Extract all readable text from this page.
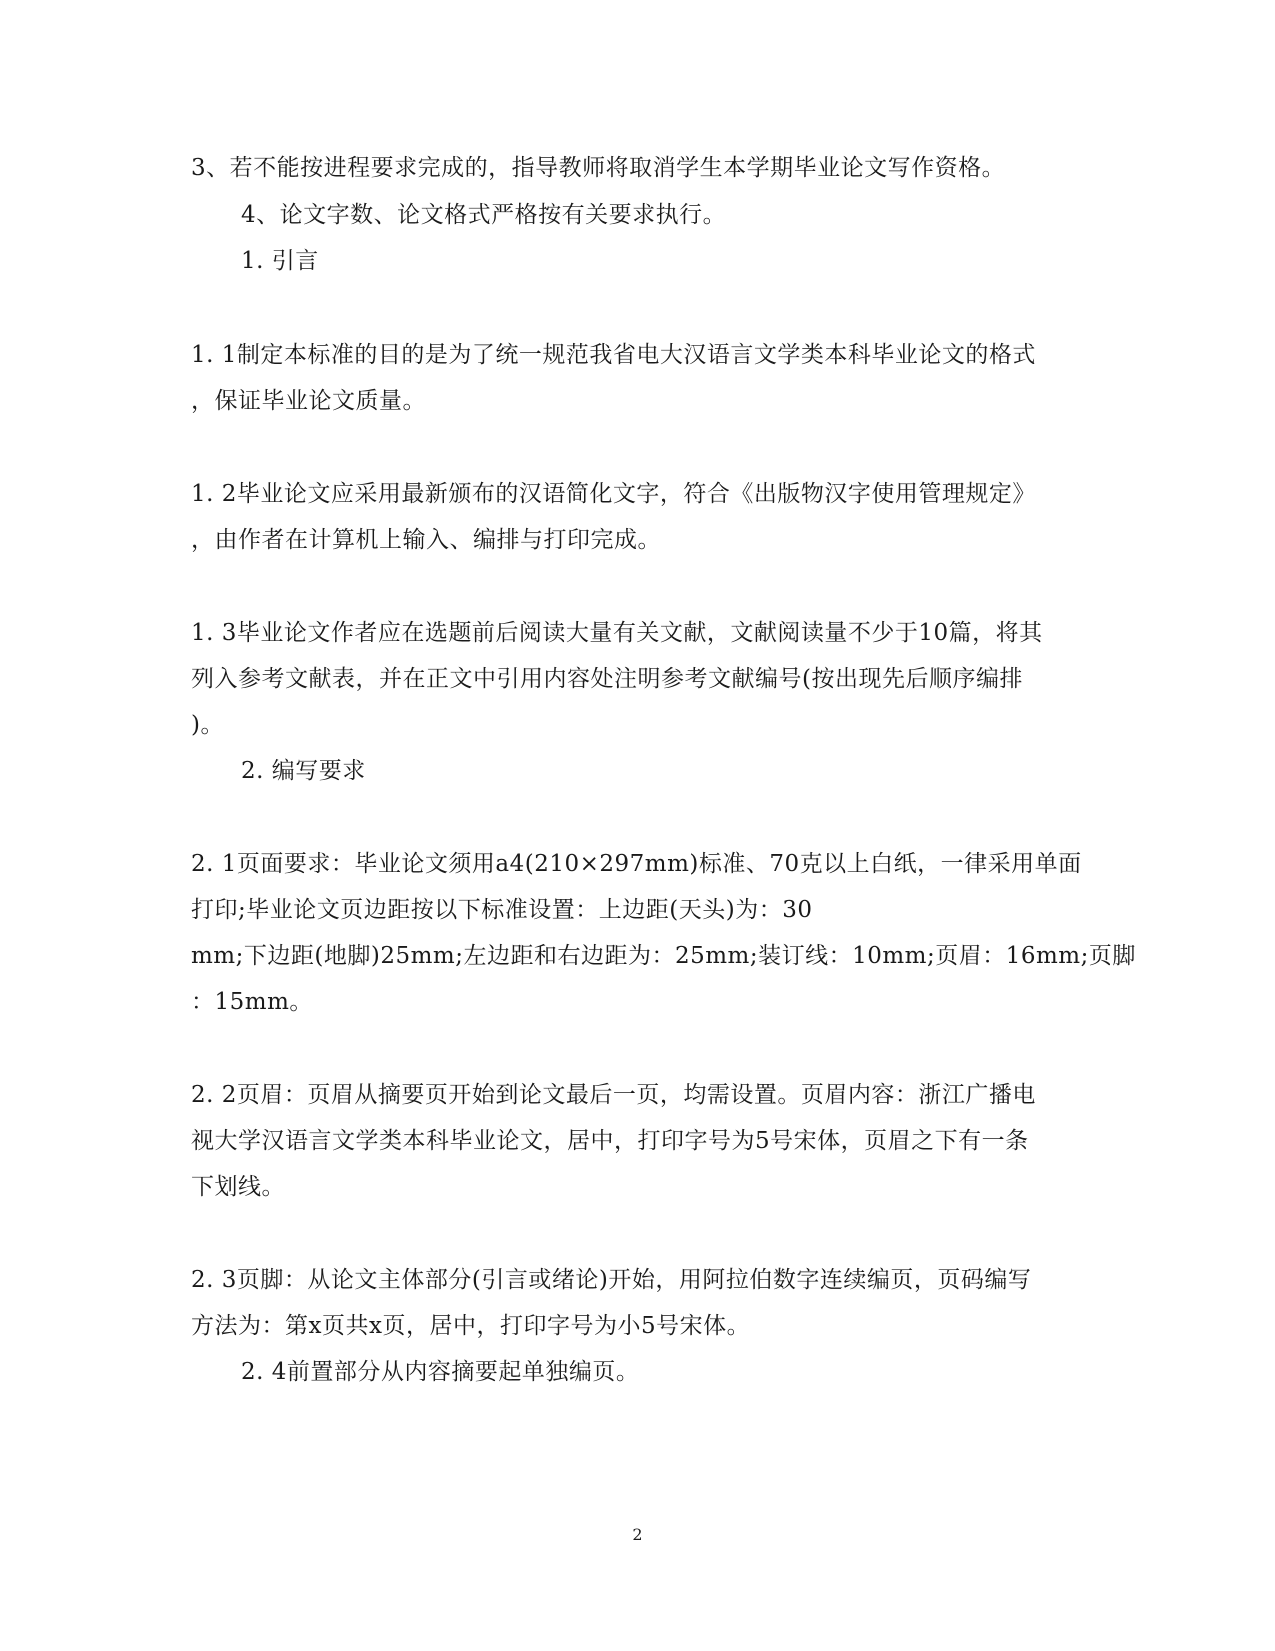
3、若不能按进程要求完成的，指导教师将取消学生本学期毕业论文写作资格。
4、论文字数、论文格式严格按有关要求执行。
1. 引言
1. 1制定本标准的目的是为了统一规范我省电大汉语言文学类本科毕业论文的格式
，保证毕业论文质量。
1. 2毕业论文应采用最新颁布的汉语简化文字，符合《出版物汉字使用管理规定》
，由作者在计算机上输入、编排与打印完成。
1. 3毕业论文作者应在选题前后阅读大量有关文献，文献阅读量不少于10篇，将其
列入参考文献表，并在正文中引用内容处注明参考文献编号(按出现先后顺序编排
)。
2. 编写要求
2. 1页面要求：毕业论文须用a4(210×297mm)标准、70克以上白纸，一律采用单面
打印;毕业论文页边距按以下标准设置：上边距(天头)为：30
mm;下边距(地脚)25mm;左边距和右边距为：25mm;装订线：10mm;页眉：16mm;页脚
：15mm。
2. 2页眉：页眉从摘要页开始到论文最后一页，均需设置。页眉内容：浙江广播电
视大学汉语言文学类本科毕业论文，居中，打印字号为5号宋体，页眉之下有一条
下划线。
2. 3页脚：从论文主体部分(引言或绪论)开始，用阿拉伯数字连续编页，页码编写
方法为：第x页共x页，居中，打印字号为小5号宋体。
2. 4前置部分从内容摘要起单独编页。
2
